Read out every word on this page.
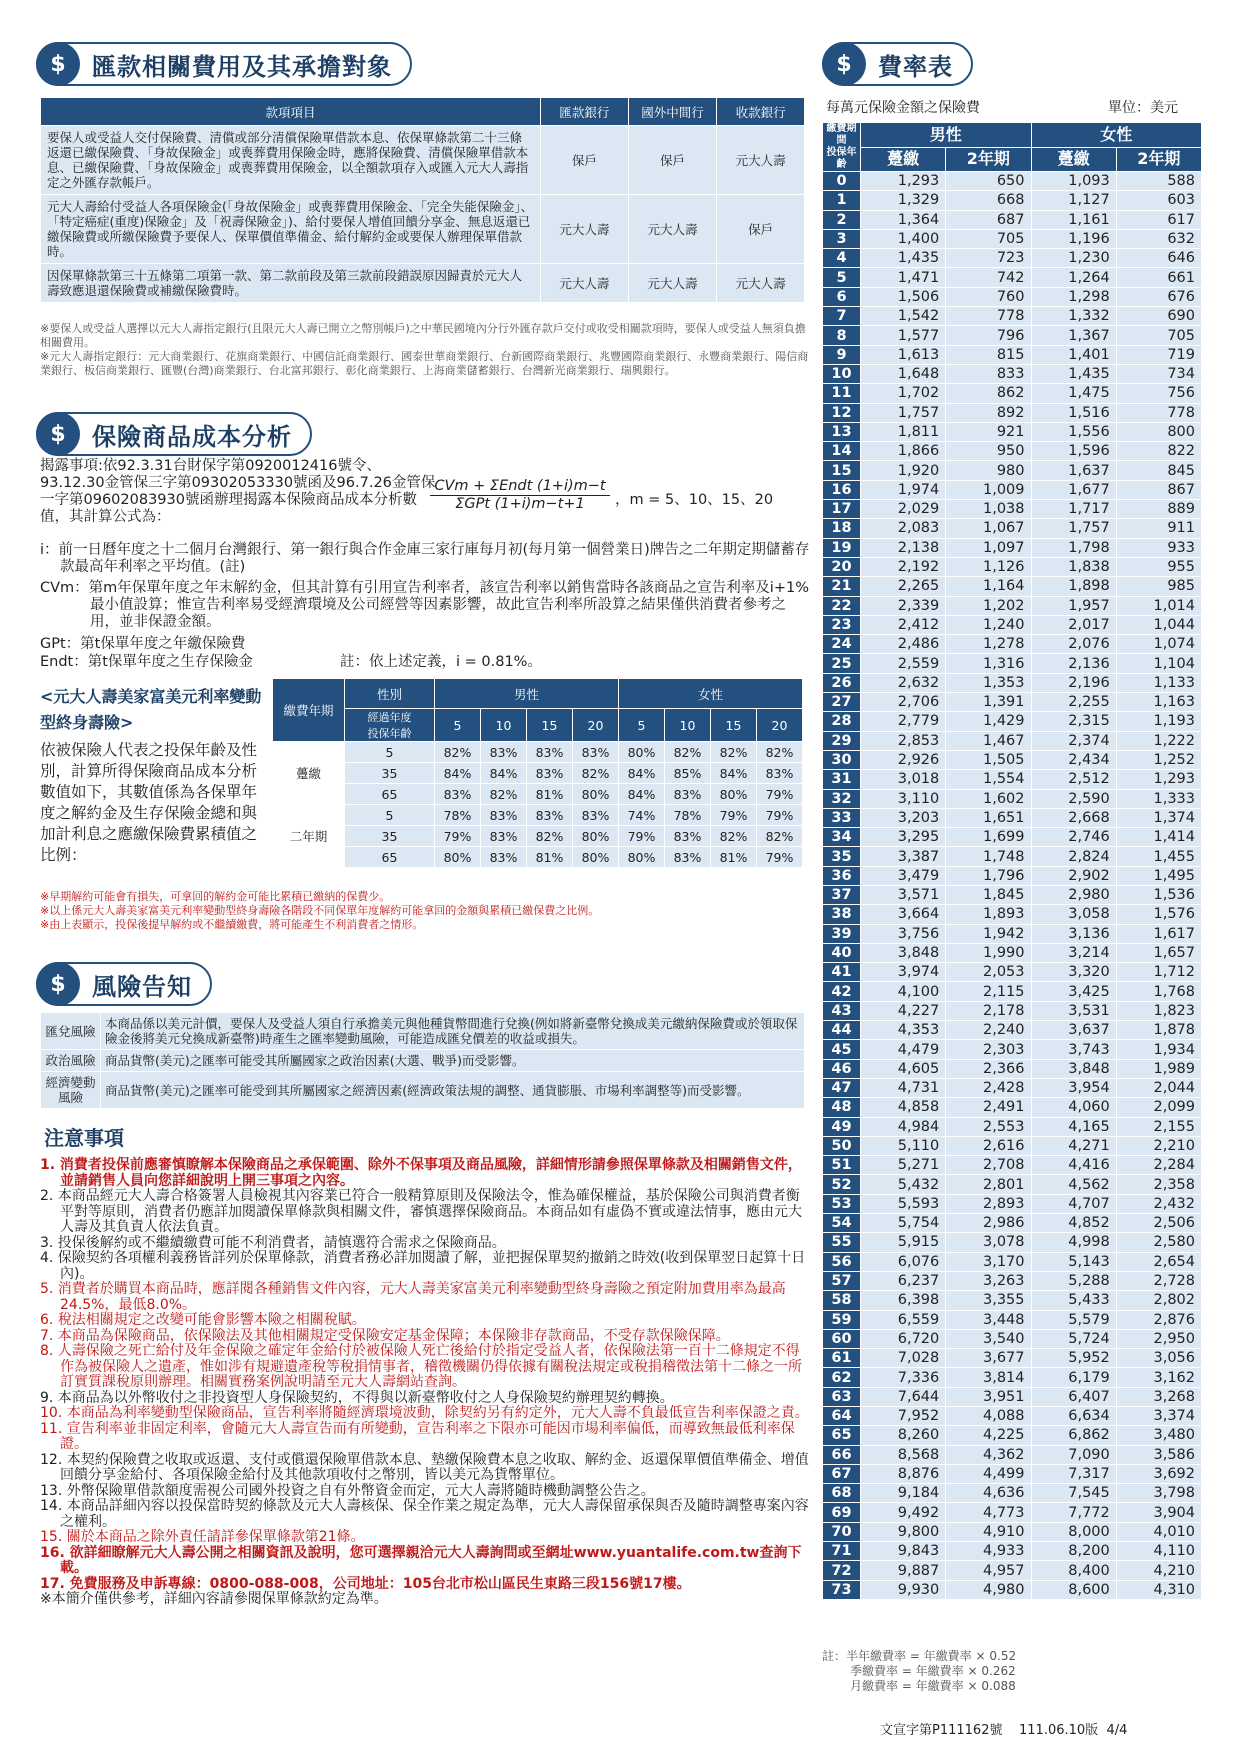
$	匯款相關費用及其承擔對象
款項項目	匯款銀行	國外中間行	收款銀行
要保人或受益人交付保險費、清償或部分清償保險單借款本息、依保單條款第二十三條返還已繳保險費、「身故保險金」或喪葬費用保險金時，應將保險費、清償保險單借款本息、已繳保險費、「身故保險金」或喪葬費用保險金，以全額款項存入或匯入元大人壽指定之外匯存款帳戶。	保戶	保戶	元大人壽
元大人壽給付受益人各項保險金(「身故保險金」或喪葬費用保險金、「完全失能保險金」、「特定癌症(重度)保險金」及「祝壽保險金」)、給付要保人增值回饋分享金、無息返還已繳保險費或所繳保險費予要保人、保單價值準備金、給付解約金或要保人辦理保單借款時。	元大人壽	元大人壽	保戶
因保單條款第三十五條第二項第一款、第二款前段及第三款前段錯誤原因歸責於元大人壽致應退還保險費或補繳保險費時。	元大人壽	元大人壽	元大人壽
※要保人或受益人選擇以元大人壽指定銀行(且限元大人壽已開立之幣別帳戶)之中華民國境內分行外匯存款戶交付或收受相關款項時，要保人或受益人無須負擔相關費用。
※元大人壽指定銀行：元大商業銀行、花旗商業銀行、中國信託商業銀行、國泰世華商業銀行、台新國際商業銀行、兆豐國際商業銀行、永豐商業銀行、陽信商業銀行、板信商業銀行、匯豐(台灣)商業銀行、台北富邦銀行、彰化商業銀行、上海商業儲蓄銀行、台灣新光商業銀行、瑞興銀行。
$	保險商品成本分析
揭露事項:依92.3.31台財保字第0920012416號令、93.12.30金管保三字第09302053330號函及96.7.26金管保一字第09602083930號函辦理揭露本保險商品成本分析數值，其計算公式為：
CVm + ΣEndt (1+i)m−t
ΣGPt (1+i)m−t+1	，m = 5、10、15、20
i：前一日曆年度之十二個月台灣銀行、第一銀行與合作金庫三家行庫每月初(每月第一個營業日)牌告之二年期定期儲蓄存款最高年利率之平均值。(註)
CVm：第m年保單年度之年末解約金，但其計算有引用宣告利率者，該宣告利率以銷售當時各該商品之宣告利率及i+1%最小值設算；惟宣告利率易受經濟環境及公司經營等因素影響，故此宣告利率所設算之結果僅供消費者參考之用，並非保證金額。
GPt：第t保單年度之年繳保險費
Endt：第t保單年度之生存保險金	註：依上述定義，i = 0.81%。
<元大人壽美家富美元利率變動型終身壽險>
依被保險人代表之投保年齡及性別，計算所得保險商品成本分析數值如下，其數值係為各保單年度之解約金及生存保險金總和與加計利息之應繳保險費累積值之比例：
繳費年期	性別	男性				女性			
	經過年度
投保年齡	5	10	15	20	5	10	15	20
躉繳	5	82%	83%	83%	83%	80%	82%	82%	82%
	35	84%	84%	83%	82%	84%	85%	84%	83%
	65	83%	82%	81%	80%	84%	83%	80%	79%
二年期	5	78%	83%	83%	83%	74%	78%	79%	79%
	35	79%	83%	82%	80%	79%	83%	82%	82%
	65	80%	83%	81%	80%	80%	83%	81%	79%
※早期解約可能會有損失，可拿回的解約金可能比累積已繳納的保費少。
※以上係元大人壽美家富美元利率變動型終身壽險各階段不同保單年度解約可能拿回的金額與累積已繳保費之比例。
※由上表顯示，投保後提早解約或不繼續繳費，將可能產生不利消費者之情形。
$	風險告知
匯兌風險	本商品係以美元計價，要保人及受益人須自行承擔美元與他種貨幣間進行兌換(例如將新臺幣兌換成美元繳納保險費或於領取保險金後將美元兌換成新臺幣)時產生之匯率變動風險，可能造成匯兌價差的收益或損失。
政治風險	商品貨幣(美元)之匯率可能受其所屬國家之政治因素(大選、戰爭)而受影響。
經濟變動風險	商品貨幣(美元)之匯率可能受到其所屬國家之經濟因素(經濟政策法規的調整、通貨膨脹、市場利率調整等)而受影響。
注意事項
1. 消費者投保前應審慎瞭解本保險商品之承保範圍、除外不保事項及商品風險，詳細情形請參照保單條款及相關銷售文件，並請銷售人員向您詳細說明上開三事項之內容。
2. 本商品經元大人壽合格簽署人員檢視其內容業已符合一般精算原則及保險法令，惟為確保權益，基於保險公司與消費者衡平對等原則，消費者仍應詳加閱讀保單條款與相關文件，審慎選擇保險商品。本商品如有虛偽不實或違法情事，應由元大人壽及其負責人依法負責。
3. 投保後解約或不繼續繳費可能不利消費者，請慎選符合需求之保險商品。
4. 保險契約各項權利義務皆詳列於保單條款，消費者務必詳加閱讀了解，並把握保單契約撤銷之時效(收到保單翌日起算十日內)。
5. 消費者於購買本商品時，應詳閱各種銷售文件內容，元大人壽美家富美元利率變動型終身壽險之預定附加費用率為最高24.5%，最低8.0%。
6. 稅法相關規定之改變可能會影響本險之相關稅賦。
7. 本商品為保險商品，依保險法及其他相關規定受保險安定基金保障；本保險非存款商品，不受存款保險保障。
8. 人壽保險之死亡給付及年金保險之確定年金給付於被保險人死亡後給付於指定受益人者，依保險法第一百十二條規定不得作為被保險人之遺產，惟如涉有規避遺產稅等稅捐情事者，稽徵機關仍得依據有關稅法規定或稅捐稽徵法第十二條之一所訂實質課稅原則辦理。相關實務案例說明請至元大人壽網站查詢。
9. 本商品為以外幣收付之非投資型人身保險契約，不得與以新臺幣收付之人身保險契約辦理契約轉換。
10. 本商品為利率變動型保險商品，宣告利率將隨經濟環境波動，除契約另有約定外，元大人壽不負最低宣告利率保證之責。
11. 宣告利率並非固定利率，會隨元大人壽宣告而有所變動，宣告利率之下限亦可能因市場利率偏低，而導致無最低利率保證。
12. 本契約保險費之收取或返還、支付或償還保險單借款本息、墊繳保險費本息之收取、解約金、返還保單價值準備金、增值回饋分享金給付、各項保險金給付及其他款項收付之幣別，皆以美元為貨幣單位。
13. 外幣保險單借款額度需視公司國外投資之自有外幣資金而定，元大人壽將隨時機動調整公告之。
14. 本商品詳細內容以投保當時契約條款及元大人壽核保、保全作業之規定為準，元大人壽保留承保與否及隨時調整專案內容之權利。
15. 關於本商品之除外責任請詳參保單條款第21條。
16. 欲詳細瞭解元大人壽公開之相關資訊及說明，您可選擇親洽元大人壽詢問或至網址www.yuantalife.com.tw查詢下載。
17. 免費服務及申訴專線：0800-088-008，公司地址：105台北市松山區民生東路三段156號17樓。
※本簡介僅供參考，詳細內容請參閱保單條款約定為準。
$	費率表
每萬元保險金額之保險費	單位：美元
繳費期間
投保年齡	男性		女性	
	躉繳	2年期	躉繳	2年期
0	1,293	650	1,093	588
1	1,329	668	1,127	603
2	1,364	687	1,161	617
3	1,400	705	1,196	632
4	1,435	723	1,230	646
5	1,471	742	1,264	661
6	1,506	760	1,298	676
7	1,542	778	1,332	690
8	1,577	796	1,367	705
9	1,613	815	1,401	719
10	1,648	833	1,435	734
11	1,702	862	1,475	756
12	1,757	892	1,516	778
13	1,811	921	1,556	800
14	1,866	950	1,596	822
15	1,920	980	1,637	845
16	1,974	1,009	1,677	867
17	2,029	1,038	1,717	889
18	2,083	1,067	1,757	911
19	2,138	1,097	1,798	933
20	2,192	1,126	1,838	955
21	2,265	1,164	1,898	985
22	2,339	1,202	1,957	1,014
23	2,412	1,240	2,017	1,044
24	2,486	1,278	2,076	1,074
25	2,559	1,316	2,136	1,104
26	2,632	1,353	2,196	1,133
27	2,706	1,391	2,255	1,163
28	2,779	1,429	2,315	1,193
29	2,853	1,467	2,374	1,222
30	2,926	1,505	2,434	1,252
31	3,018	1,554	2,512	1,293
32	3,110	1,602	2,590	1,333
33	3,203	1,651	2,668	1,374
34	3,295	1,699	2,746	1,414
35	3,387	1,748	2,824	1,455
36	3,479	1,796	2,902	1,495
37	3,571	1,845	2,980	1,536
38	3,664	1,893	3,058	1,576
39	3,756	1,942	3,136	1,617
40	3,848	1,990	3,214	1,657
41	3,974	2,053	3,320	1,712
42	4,100	2,115	3,425	1,768
43	4,227	2,178	3,531	1,823
44	4,353	2,240	3,637	1,878
45	4,479	2,303	3,743	1,934
46	4,605	2,366	3,848	1,989
47	4,731	2,428	3,954	2,044
48	4,858	2,491	4,060	2,099
49	4,984	2,553	4,165	2,155
50	5,110	2,616	4,271	2,210
51	5,271	2,708	4,416	2,284
52	5,432	2,801	4,562	2,358
53	5,593	2,893	4,707	2,432
54	5,754	2,986	4,852	2,506
55	5,915	3,078	4,998	2,580
56	6,076	3,170	5,143	2,654
57	6,237	3,263	5,288	2,728
58	6,398	3,355	5,433	2,802
59	6,559	3,448	5,579	2,876
60	6,720	3,540	5,724	2,950
61	7,028	3,677	5,952	3,056
62	7,336	3,814	6,179	3,162
63	7,644	3,951	6,407	3,268
64	7,952	4,088	6,634	3,374
65	8,260	4,225	6,862	3,480
66	8,568	4,362	7,090	3,586
67	8,876	4,499	7,317	3,692
68	9,184	4,636	7,545	3,798
69	9,492	4,773	7,772	3,904
70	9,800	4,910	8,000	4,010
71	9,843	4,933	8,200	4,110
72	9,887	4,957	8,400	4,210
73	9,930	4,980	8,600	4,310
註：半年繳費率 = 年繳費率 × 0.52
季繳費率 = 年繳費率 × 0.262
月繳費率 = 年繳費率 × 0.088
文宣字第P111162號 111.06.10版 4/4
